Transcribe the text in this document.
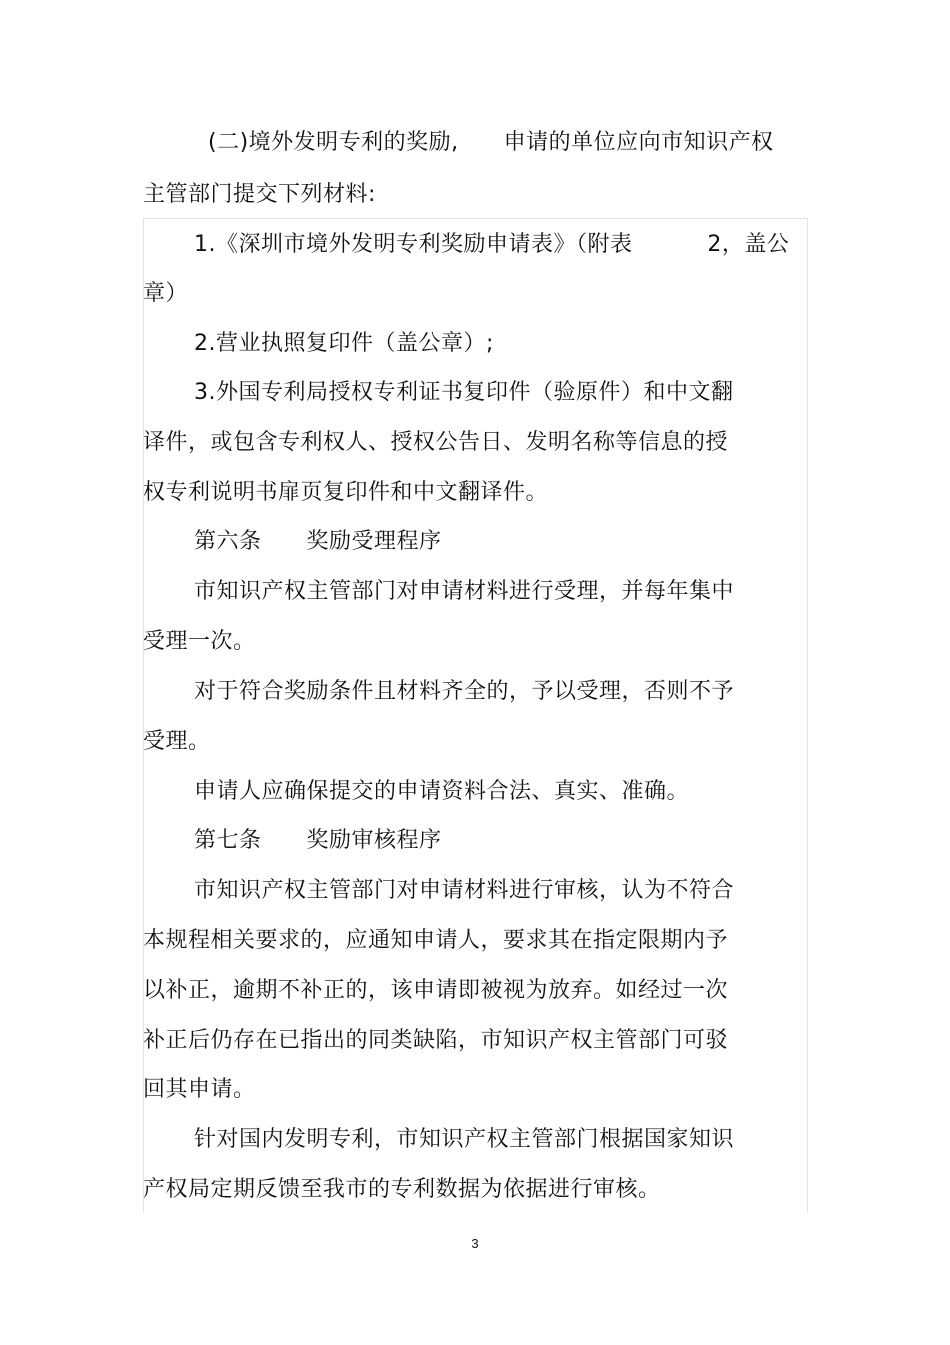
(二)境外发明专利的奖励,      申请的单位应向市知识产权
主管部门提交下列材料:
1.《深圳市境外发明专利奖励申请表》（附表          2，盖公
章）
2.营业执照复印件（盖公章）;
3.外国专利局授权专利证书复印件（验原件）和中文翻
译件，或包含专利权人、授权公告日、发明名称等信息的授
权专利说明书扉页复印件和中文翻译件。
第六条      奖励受理程序
市知识产权主管部门对申请材料进行受理，并每年集中
受理一次。
对于符合奖励条件且材料齐全的，予以受理，否则不予
受理。
申请人应确保提交的申请资料合法、真实、准确。
第七条      奖励审核程序
市知识产权主管部门对申请材料进行审核，认为不符合
本规程相关要求的，应通知申请人，要求其在指定限期内予
以补正，逾期不补正的，该申请即被视为放弃。如经过一次
补正后仍存在已指出的同类缺陷，市知识产权主管部门可驳
回其申请。
针对国内发明专利，市知识产权主管部门根据国家知识
产权局定期反馈至我市的专利数据为依据进行审核。
3
